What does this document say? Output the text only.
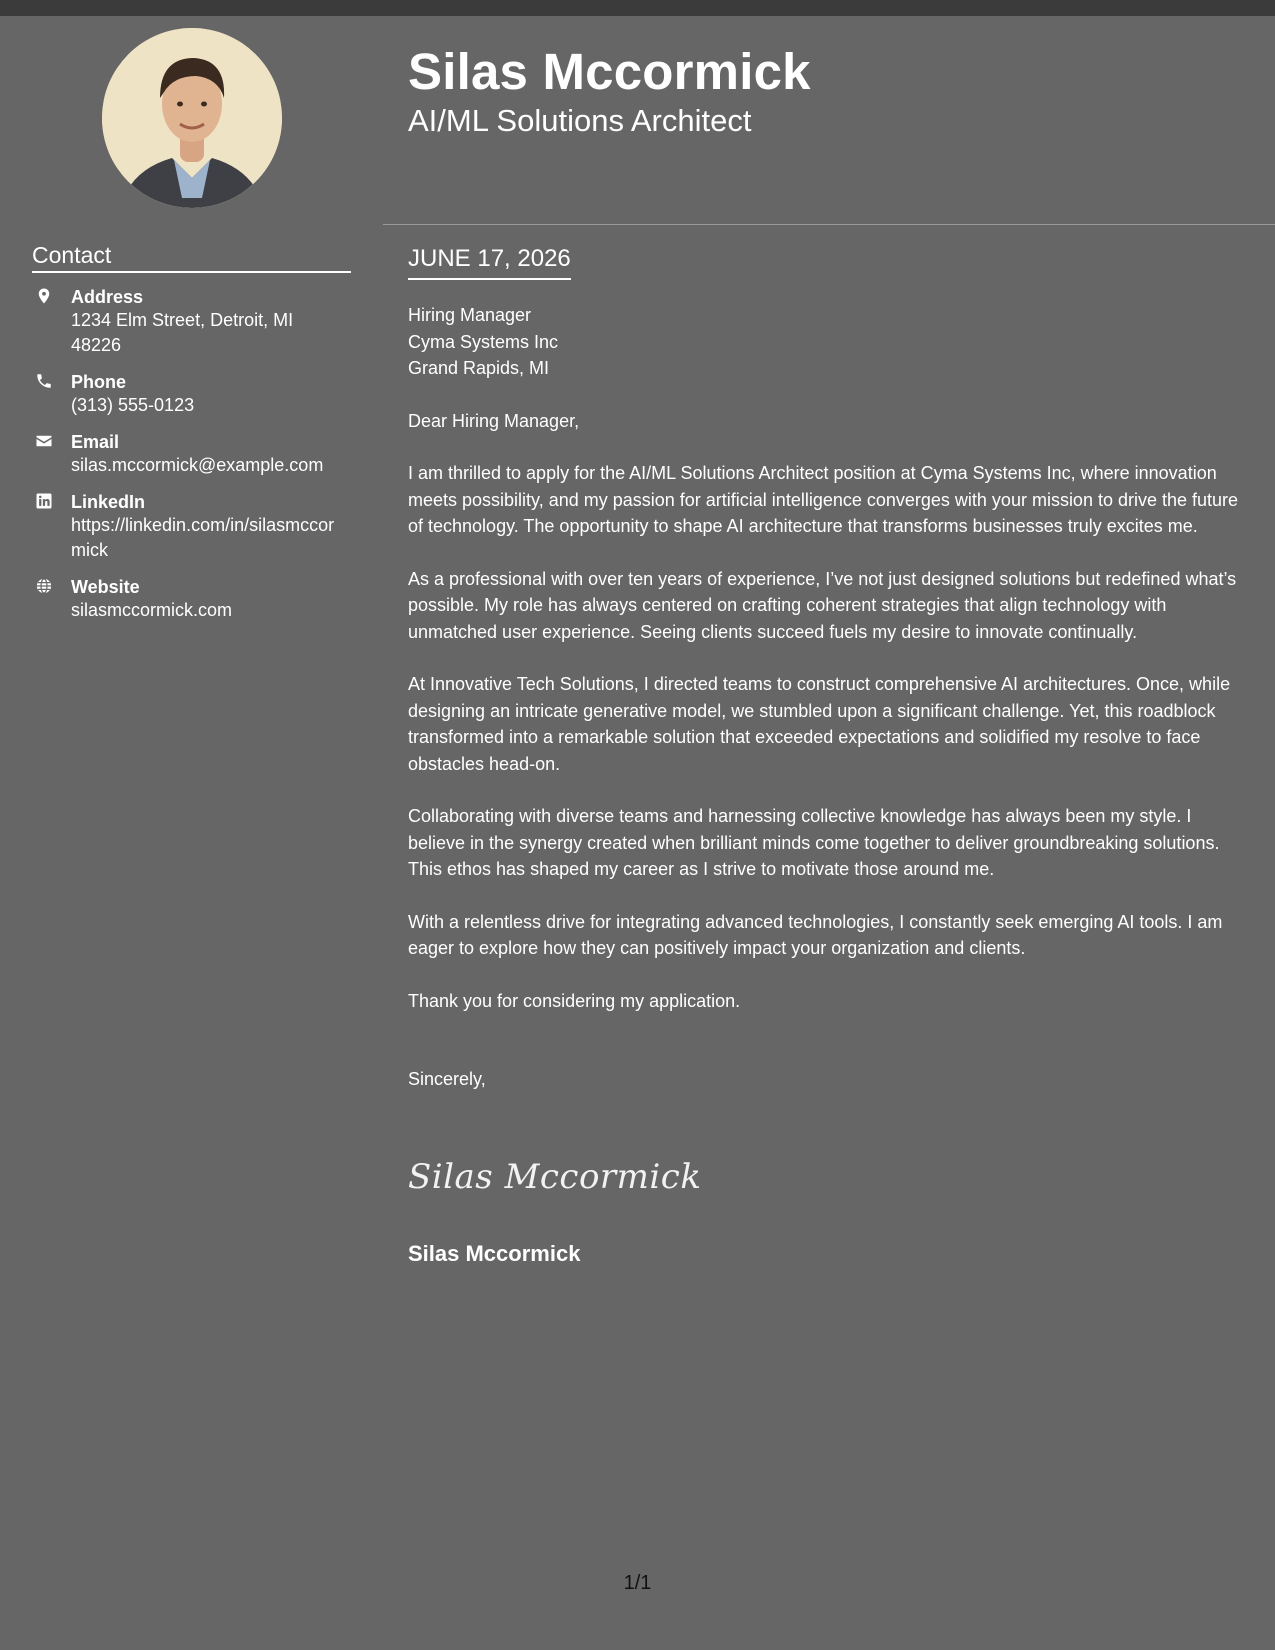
Contact
Address
1234 Elm Street, Detroit, MI 48226
Phone
(313) 555-0123
Email
silas.mccormick@example.com
LinkedIn
https://linkedin.com/in/silasmccormick
Website
silasmccormick.com
Silas Mccormick
AI/ML Solutions Architect
JUNE 17, 2026
Hiring Manager
Cyma Systems Inc
Grand Rapids, MI

Dear Hiring Manager,

I am thrilled to apply for the AI/ML Solutions Architect position at Cyma Systems Inc, where innovation meets possibility, and my passion for artificial intelligence converges with your mission to drive the future of technology. The opportunity to shape AI architecture that transforms businesses truly excites me.

As a professional with over ten years of experience, I’ve not just designed solutions but redefined what’s possible. My role has always centered on crafting coherent strategies that align technology with unmatched user experience. Seeing clients succeed fuels my desire to innovate continually.

At Innovative Tech Solutions, I directed teams to construct comprehensive AI architectures. Once, while designing an intricate generative model, we stumbled upon a significant challenge. Yet, this roadblock transformed into a remarkable solution that exceeded expectations and solidified my resolve to face obstacles head-on.

Collaborating with diverse teams and harnessing collective knowledge has always been my style. I believe in the synergy created when brilliant minds come together to deliver groundbreaking solutions. This ethos has shaped my career as I strive to motivate those around me.

With a relentless drive for integrating advanced technologies, I constantly seek emerging AI tools. I am eager to explore how they can positively impact your organization and clients.

Thank you for considering my application.

Sincerely,

Silas Mccormick
Silas Mccormick
1/1
